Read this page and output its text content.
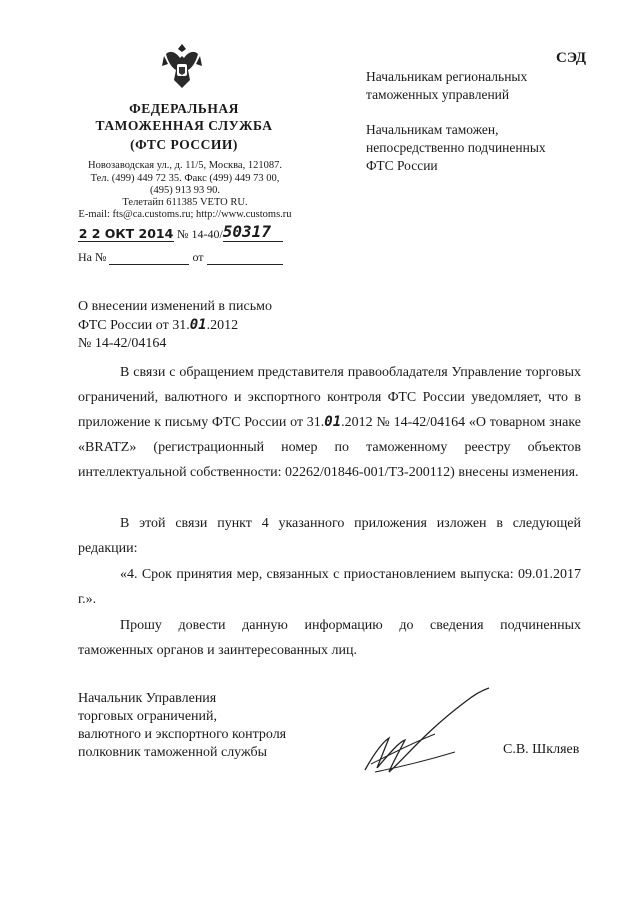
ФЕДЕРАЛЬНАЯ
ТАМОЖЕННАЯ СЛУЖБА
(ФТС РОССИИ)
Новозаводская ул., д. 11/5, Москва, 121087.
Тел. (499) 449 72 35. Факс (499) 449 73 00,
(495) 913 93 90.
Телетайп 611385 VETO RU.
E-mail: fts@ca.customs.ru; http://www.customs.ru
2 2 ОКТ 2014 № 14-40/50317
На №	от
СЭД
Начальникам региональных
таможенных управлений
Начальникам таможен,
непосредственно подчиненных
ФТС России
О внесении изменений в письмо
ФТС России от 31.01.2012
№ 14-42/04164
В связи с обращением представителя правообладателя Управление торговых ограничений, валютного и экспортного контроля ФТС России уведомляет, что в приложение к письму ФТС России от 31.01.2012 № 14-42/04164 «О товарном знаке «BRATZ» (регистрационный номер по таможенному реестру объектов интеллектуальной собственности: 02262/01846-001/ТЗ-200112) внесены изменения.
В этой связи пункт 4 указанного приложения изложен в следующей редакции:
«4. Срок принятия мер, связанных с приостановлением выпуска: 09.01.2017 г.».
Прошу довести данную информацию до сведения подчиненных таможенных органов и заинтересованных лиц.
Начальник Управления
торговых ограничений,
валютного и экспортного контроля
полковник таможенной службы	С.В. Шкляев
